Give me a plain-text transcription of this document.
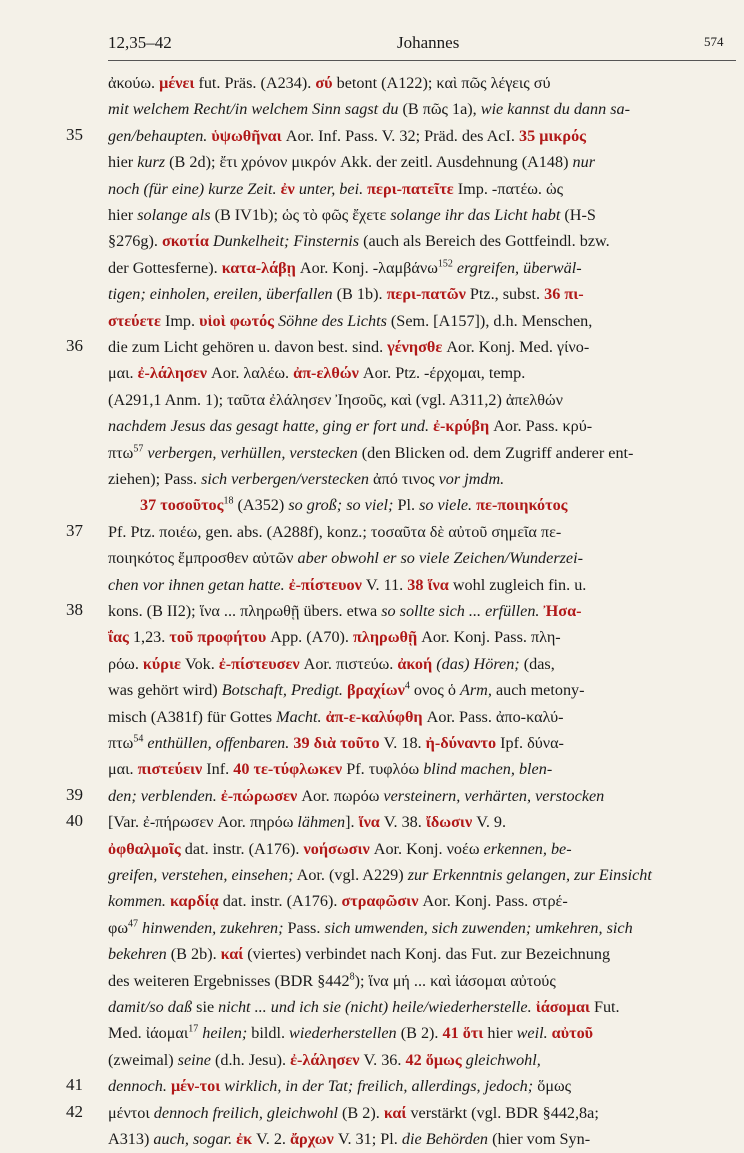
12,35–42	Johannes	574
ἀκούω. μένει fut. Präs. (A234). σύ betont (A122); καὶ πῶς λέγεις σύ
mit welchem Recht/in welchem Sinn sagst du (B πῶς 1a), wie kannst du dann sa-
gen/behaupten. ὑψωθῆναι Aor. Inf. Pass. V. 32; Präd. des AcI. 35 μικρός
hier kurz (B 2d); ἔτι χρόνον μικρόν Akk. der zeitl. Ausdehnung (A148) nur
noch (für eine) kurze Zeit. ἐν unter, bei. περι-πατεῖτε Imp. -πατέω. ὡς
hier solange als (B IV1b); ὡς τὸ φῶς ἔχετε solange ihr das Licht habt (H-S
§276g). σκοτία Dunkelheit; Finsternis (auch als Bereich des Gottfeindl. bzw.
der Gottesferne). κατα-λάβῃ Aor. Konj. -λαμβάνω$^{152}$ ergreifen, überwäl-
tigen; einholen, ereilen, überfallen (B 1b). περι-πατῶν Ptz., subst. 36 πι-
στεύετε Imp. υἱοὶ φωτός Söhne des Lichts (Sem. [A157]), d.h. Menschen,
die zum Licht gehören u. davon best. sind. γένησθε Aor. Konj. Med. γίνο-
μαι. ἐ-λάλησεν Aor. λαλέω. ἀπ-ελθών Aor. Ptz. -έρχομαι, temp.
(A291,1 Anm. 1); ταῦτα ἐλάλησεν Ἰησοῦς, καὶ (vgl. A311,2) ἀπελθών
nachdem Jesus das gesagt hatte, ging er fort und. ἐ-κρύβη Aor. Pass. κρύ-
πτω$^{57}$ verbergen, verhüllen, verstecken (den Blicken od. dem Zugriff anderer ent-
ziehen); Pass. sich verbergen/verstecken ἀπό τινος vor jmdm.
37 τοσοῦτος$^{18}$ (A352) so groß; so viel; Pl. so viele. πε-ποιηκότος
Pf. Ptz. ποιέω, gen. abs. (A288f), konz.; τοσαῦτα δὲ αὐτοῦ σημεῖα πε-
ποιηκότος ἔμπροσθεν αὐτῶν aber obwohl er so viele Zeichen/Wunderzei-
chen vor ihnen getan hatte. ἐ-πίστευον V. 11. 38 ἵνα wohl zugleich fin. u.
kons. (B II2); ἵνα ... πληρωθῇ übers. etwa so sollte sich ... erfüllen. Ἠσα-
ΐας 1,23. τοῦ προφήτου App. (A70). πληρωθῇ Aor. Konj. Pass. πλη-
ρόω. κύριε Vok. ἐ-πίστευσεν Aor. πιστεύω. ἀκοή (das) Hören; (das,
was gehört wird) Botschaft, Predigt. βραχίων$^4$ ονος ὁ Arm, auch metony-
misch (A381f) für Gottes Macht. ἀπ-ε-καλύφθη Aor. Pass. ἀπο-καλύ-
πτω$^{54}$ enthüllen, offenbaren. 39 διὰ τοῦτο V. 18. ἠ-δύναντο Ipf. δύνα-
μαι. πιστεύειν Inf. 40 τε-τύφλωκεν Pf. τυφλόω blind machen, blen-
den; verblenden. ἐ-πώρωσεν Aor. πωρόω versteinern, verhärten, verstocken
[Var. ἐ-πήρωσεν Aor. πηρόω lähmen]. ἵνα V. 38. ἴδωσιν V. 9.
ὀφθαλμοῖς dat. instr. (A176). νοήσωσιν Aor. Konj. νοέω erkennen, be-
greifen, verstehen, einsehen; Aor. (vgl. A229) zur Erkenntnis gelangen, zur Einsicht
kommen. καρδίᾳ dat. instr. (A176). στραφῶσιν Aor. Konj. Pass. στρέ-
$\varphi\omega^{47}$ hinwenden, zukehren; Pass. sich umwenden, sich zuwenden; umkehren, sich
bekehren (B 2b). καί (viertes) verbindet nach Konj. das Fut. zur Bezeichnung
des weiteren Ergebnisses (BDR $\S 442^8$); ἵνα μή ... καὶ ἰάσομαι αὐτούς
damit/so daß sie nicht ... und ich sie (nicht) heile/wiederherstelle. ἰάσομαι Fut.
Med. ἰάομαι$^{17}$ heilen; bildl. wiederherstellen (B 2). 41 ὅτι hier weil. αὐτοῦ
(zweimal) seine (d.h. Jesu). ἐ-λάλησεν V. 36. 42 ὅμως gleichwohl,
dennoch. μέν-τοι wirklich, in der Tat; freilich, allerdings, jedoch; ὅμως
μέντοι dennoch freilich, gleichwohl (B 2). καί verstärkt (vgl. BDR §442,8a;
A313) auch, sogar. ἐκ V. 2. ἄρχων V. 31; Pl. die Behörden (hier vom Syn-
35
36
37
38
39
40
41
42
